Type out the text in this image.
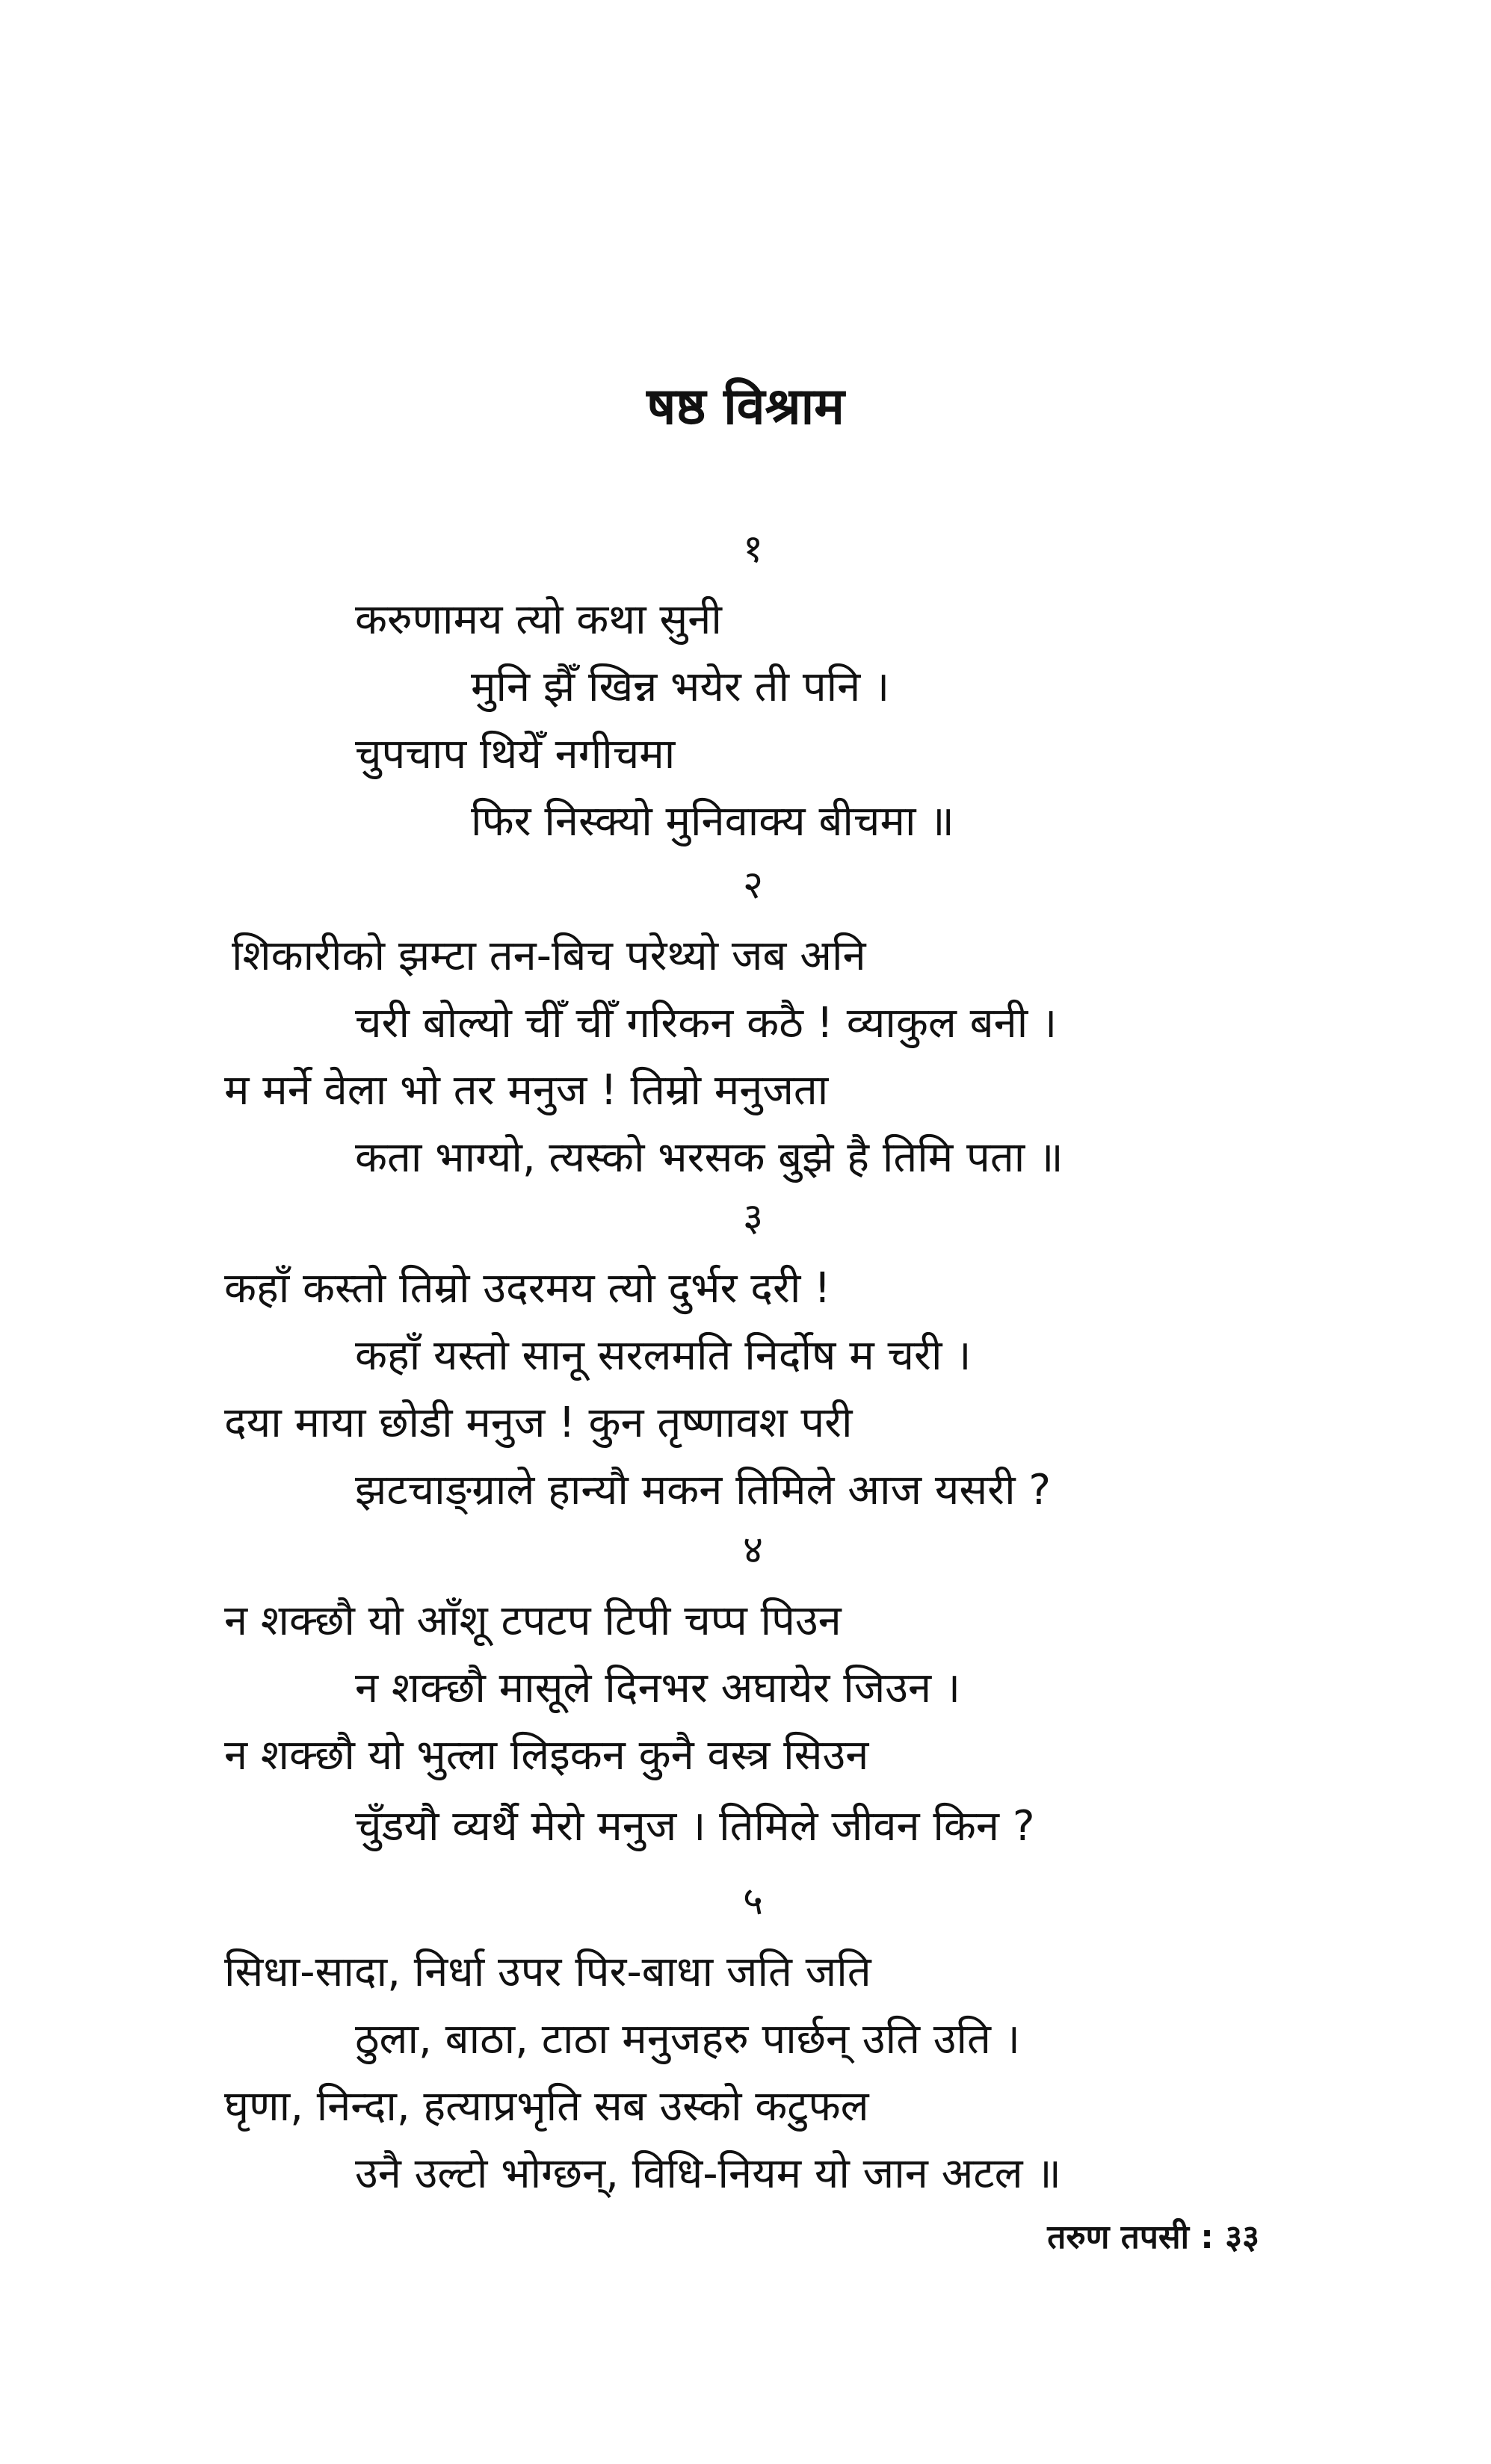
षष्ठ विश्राम
१
करुणामय त्यो कथा सुनी
मुनि झैँ खिन्न भयेर ती पनि ।
चुपचाप थियेँ नगीचमा
फिर निस्क्यो मुनिवाक्य बीचमा ॥
२
शिकारीको झम्टा तन-बिच परेथ्यो जब अनि
चरी बोल्यो चीँ चीँ गरिकन कठै ! व्याकुल बनी ।
म मर्ने वेला भो तर मनुज ! तिम्रो मनुजता
कता भाग्यो, त्यस्को भरसक बुझे है तिमि पता ॥
३
कहाँ कस्तो तिम्रो उदरमय त्यो दुर्भर दरी !
कहाँ यस्तो सानू सरलमति निर्दोष म चरी ।
दया माया छोडी मनुज ! कुन तृष्णावश परी
झटचाङ्ग्राले हान्यौ मकन तिमिले आज यसरी ?
४
न शक्छौ यो आँशू टपटप टिपी चप्प पिउन
न शक्छौ मासूले दिनभर अघायेर जिउन ।
न शक्छौ यो भुत्ला लिइकन कुनै वस्त्र सिउन
चुँडयौ व्यर्थै मेरो मनुज । तिमिले जीवन किन ?
५
सिधा-सादा, निर्धा उपर पिर-बाधा जति जति
ठुला, बाठा, टाठा मनुजहरु पार्छन् उति उति ।
घृणा, निन्दा, हत्याप्रभृति सब उस्को कटुफल
उनै उल्टो भोग्छन्, विधि-नियम यो जान अटल ॥
तरुण तपसी : ३३
